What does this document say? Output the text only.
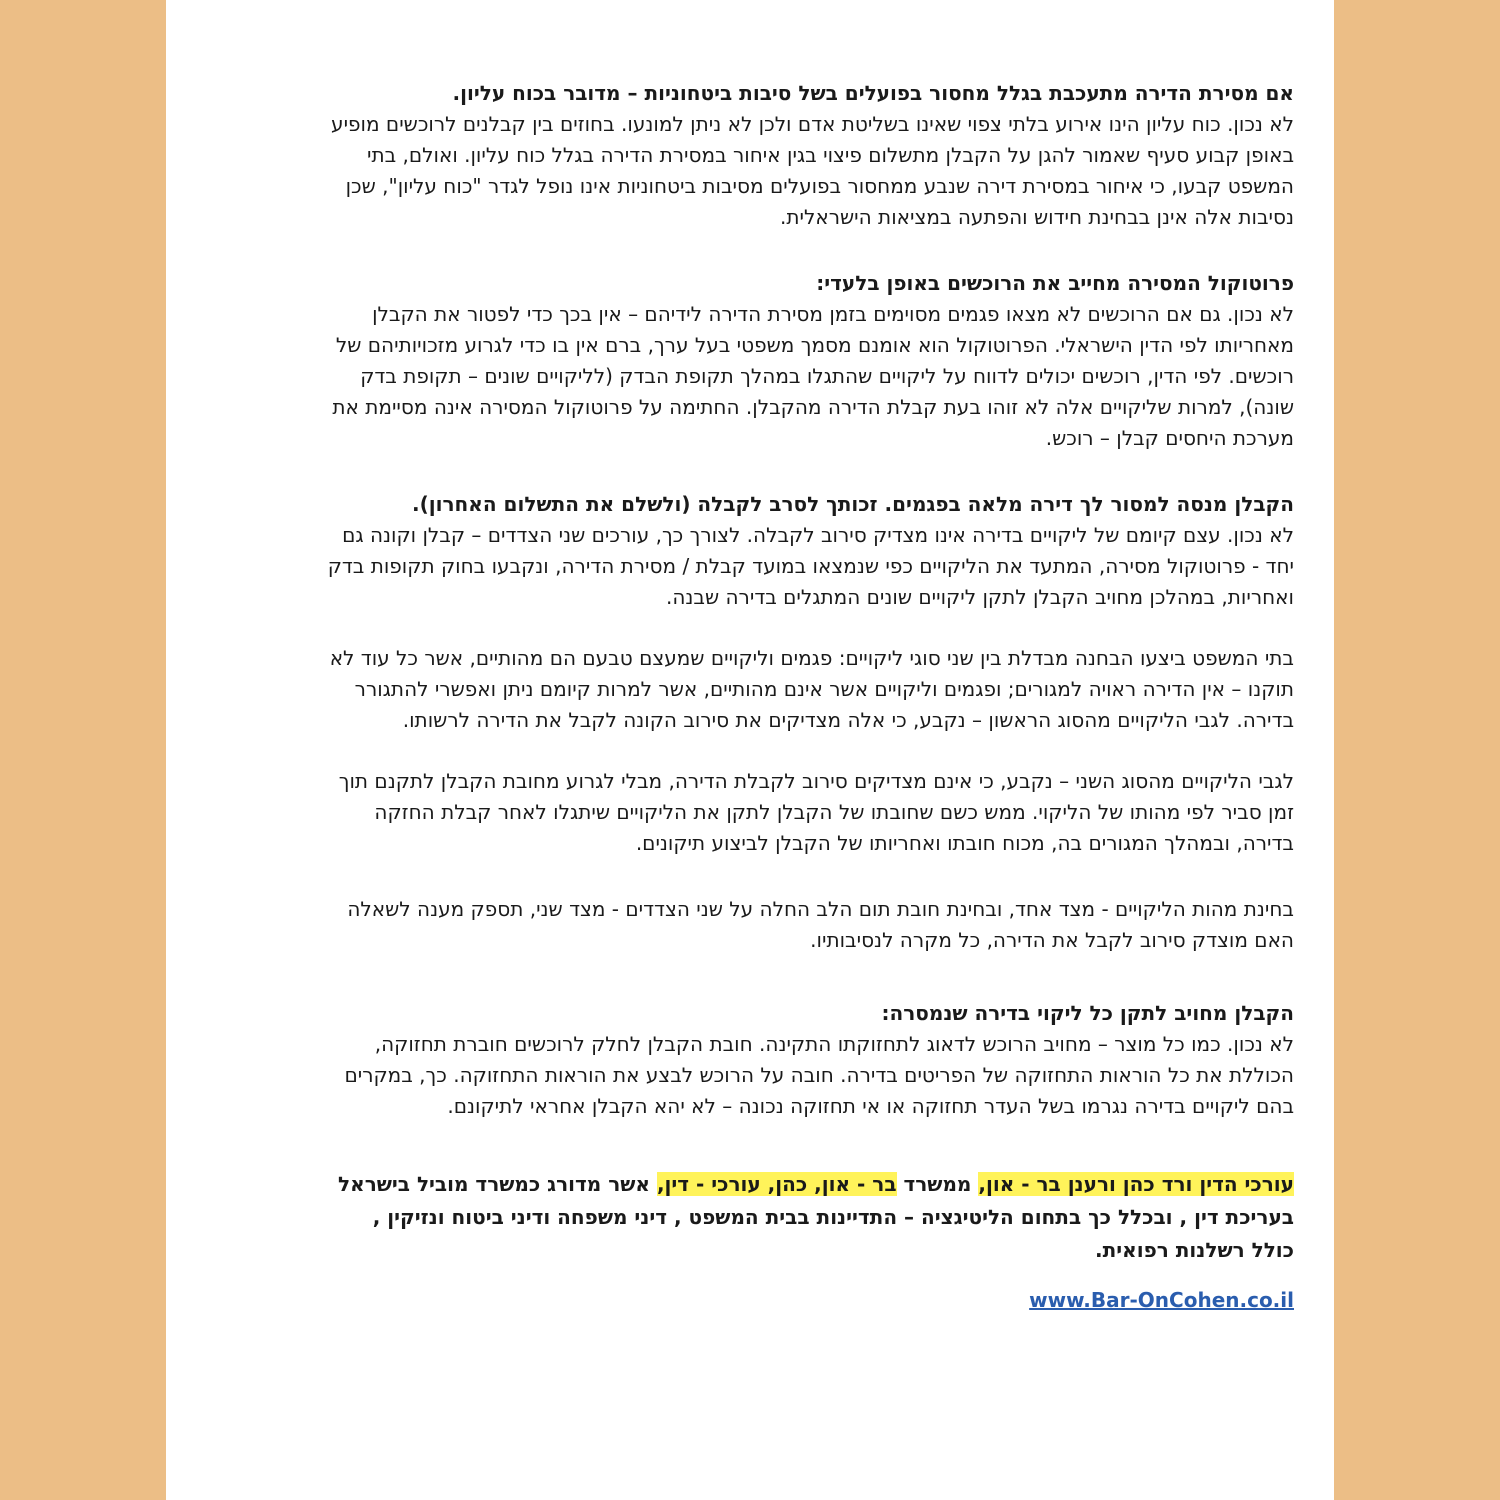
אם מסירת הדירה מתעכבת בגלל מחסור בפועלים בשל סיבות ביטחוניות – מדובר בכוח עליון.

לא נכון. כוח עליון הינו אירוע בלתי צפוי שאינו בשליטת אדם ולכן לא ניתן למונעו. בחוזים בין קבלנים לרוכשים מופיע באופן קבוע סעיף שאמור להגן על הקבלן מתשלום פיצוי בגין איחור במסירת הדירה בגלל כוח עליון. ואולם, בתי המשפט קבעו, כי איחור במסירת דירה שנבע ממחסור בפועלים מסיבות ביטחוניות אינו נופל לגדר "כוח עליון", שכן נסיבות אלה אינן בבחינת חידוש והפתעה במציאות הישראלית.

פרוטוקול המסירה מחייב את הרוכשים באופן בלעדי:

לא נכון. גם אם הרוכשים לא מצאו פגמים מסוימים בזמן מסירת הדירה לידיהם – אין בכך כדי לפטור את הקבלן מאחריותו לפי הדין הישראלי. הפרוטוקול הוא אומנם מסמך משפטי בעל ערך, ברם אין בו כדי לגרוע מזכויותיהם של רוכשים. לפי הדין, רוכשים יכולים לדווח על ליקויים שהתגלו במהלך תקופת הבדק (לליקויים שונים – תקופת בדק שונה), למרות שליקויים אלה לא זוהו בעת קבלת הדירה מהקבלן. החתימה על פרוטוקול המסירה אינה מסיימת את מערכת היחסים קבלן – רוכש.

הקבלן מנסה למסור לך דירה מלאה בפגמים. זכותך לסרב לקבלה (ולשלם את התשלום האחרון).

לא נכון. עצם קיומם של ליקויים בדירה אינו מצדיק סירוב לקבלה. לצורך כך, עורכים שני הצדדים – קבלן וקונה גם יחד - פרוטוקול מסירה, המתעד את הליקויים כפי שנמצאו במועד קבלת / מסירת הדירה, ונקבעו בחוק תקופות בדק ואחריות, במהלכן מחויב הקבלן לתקן ליקויים שונים המתגלים בדירה שבנה.

בתי המשפט ביצעו הבחנה מבדלת בין שני סוגי ליקויים: פגמים וליקויים שמעצם טבעם הם מהותיים, אשר כל עוד לא תוקנו – אין הדירה ראויה למגורים; ופגמים וליקויים אשר אינם מהותיים, אשר למרות קיומם ניתן ואפשרי להתגורר בדירה. לגבי הליקויים מהסוג הראשון – נקבע, כי אלה מצדיקים את סירוב הקונה לקבל את הדירה לרשותו.

לגבי הליקויים מהסוג השני – נקבע, כי אינם מצדיקים סירוב לקבלת הדירה, מבלי לגרוע מחובת הקבלן לתקנם תוך זמן סביר לפי מהותו של הליקוי. ממש כשם שחובתו של הקבלן לתקן את הליקויים שיתגלו לאחר קבלת החזקה בדירה, ובמהלך המגורים בה, מכוח חובתו ואחריותו של הקבלן לביצוע תיקונים.

בחינת מהות הליקויים - מצד אחד, ובחינת חובת תום הלב החלה על שני הצדדים - מצד שני, תספק מענה לשאלה האם מוצדק סירוב לקבל את הדירה, כל מקרה לנסיבותיו.

הקבלן מחויב לתקן כל ליקוי בדירה שנמסרה:

לא נכון. כמו כל מוצר – מחויב הרוכש לדאוג לתחזוקתו התקינה. חובת הקבלן לחלק לרוכשים חוברת תחזוקה, הכוללת את כל הוראות התחזוקה של הפריטים בדירה. חובה על הרוכש לבצע את הוראות התחזוקה. כך, במקרים בהם ליקויים בדירה נגרמו בשל העדר תחזוקה או אי תחזוקה נכונה – לא יהא הקבלן אחראי לתיקונם.

עורכי הדין ורד כהן ורענן בר - און, ממשרד בר - און, כהן, עורכי - דין, אשר מדורג כמשרד מוביל בישראל בעריכת דין , ובכלל כך בתחום הליטיגציה – התדיינות בבית המשפט , דיני משפחה ודיני ביטוח ונזיקין , כולל רשלנות רפואית.
www.Bar-OnCohen.co.il
